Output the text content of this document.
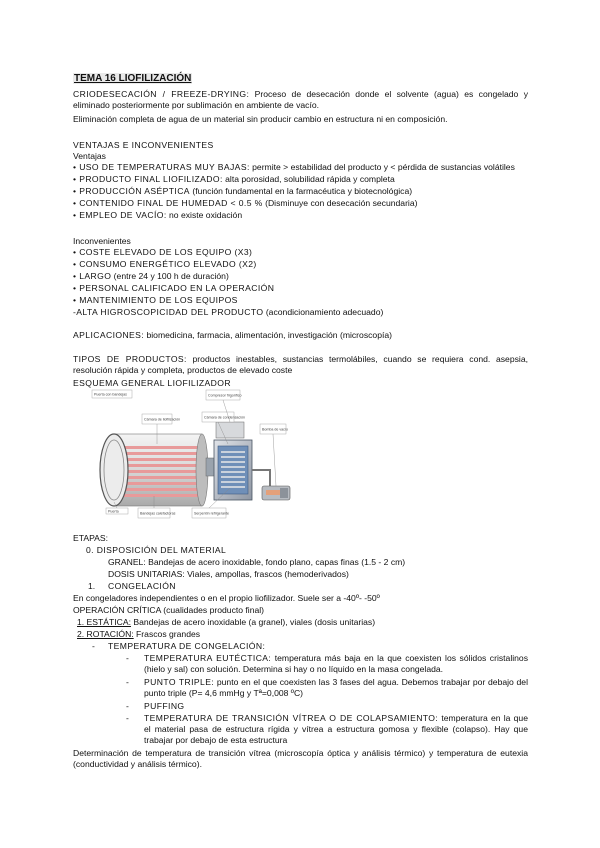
TEMA 16 LIOFILIZACIÓN
CRIODESECACIÓN / FREEZE-DRYING: Proceso de desecación donde el solvente (agua) es congelado y eliminado posteriormente por sublimación en ambiente de vacío.
Eliminación completa de agua de un material sin producir cambio en estructura ni en composición.
VENTAJAS E INCONVENIENTES
Ventajas
• USO DE TEMPERATURAS MUY BAJAS: permite > estabilidad del producto y < pérdida de sustancias volátiles
• PRODUCTO FINAL LIOFILIZADO: alta porosidad, solubilidad rápida y completa
• PRODUCCIÓN ASÉPTICA (función fundamental en la farmacéutica y biotecnológica)
• CONTENIDO FINAL DE HUMEDAD < 0.5 % (Disminuye con desecación secundaria)
• EMPLEO DE VACÍO: no existe oxidación
Inconvenientes
• COSTE ELEVADO DE LOS EQUIPO (X3)
• CONSUMO ENERGÉTICO ELEVADO (X2)
• LARGO (entre 24 y 100 h de duración)
• PERSONAL CALIFICADO EN LA OPERACIÓN
• MANTENIMIENTO DE LOS EQUIPOS
-ALTA HIGROSCOPICIDAD DEL PRODUCTO (acondicionamiento adecuado)
APLICACIONES: biomedicina, farmacia, alimentación, investigación (microscopía)
TIPOS DE PRODUCTOS: productos inestables, sustancias termolábiles, cuando se requiera cond. asepsia, resolución rápida y completa, productos de elevado coste
ESQUEMA GENERAL LIOFILIZADOR
Puerta con bandejas
Cámara de liofilización	Cámara de condensación
Compresor frigorífico
Bomba de vacío
Puerta	Bandejas calefactoras	Serpentín refrigerante
ETAPAS:
0. DISPOSICIÓN DEL MATERIAL
GRANEL: Bandejas de acero inoxidable, fondo plano, capas finas (1.5 - 2 cm)
DOSIS UNITARIAS: Viales, ampollas, frascos (hemoderivados)
1. CONGELACIÓN
En congeladores independientes o en el propio liofilizador. Suele ser a -40º- -50º
OPERACIÓN CRÍTICA (cualidades producto final)
1. ESTÁTICA: Bandejas de acero inoxidable (a granel), viales (dosis unitarias)
2. ROTACIÓN: Frascos grandes
- TEMPERATURA DE CONGELACIÓN:
- TEMPERATURA EUTÉCTICA: temperatura más baja en la que coexisten los sólidos cristalinos (hielo y sal) con solución. Determina si hay o no líquido en la masa congelada.
- PUNTO TRIPLE: punto en el que coexisten las 3 fases del agua. Debemos trabajar por debajo del punto triple (P= 4,6 mmHg y Tª=0,008 ºC)
- PUFFING
- TEMPERATURA DE TRANSICIÓN VÍTREA O DE COLAPSAMIENTO: temperatura en la que el material pasa de estructura rígida y vítrea a estructura gomosa y flexible (colapso). Hay que trabajar por debajo de esta estructura
Determinación de temperatura de transición vítrea (microscopía óptica y análisis térmico) y temperatura de eutexia (conductividad y análisis térmico).
